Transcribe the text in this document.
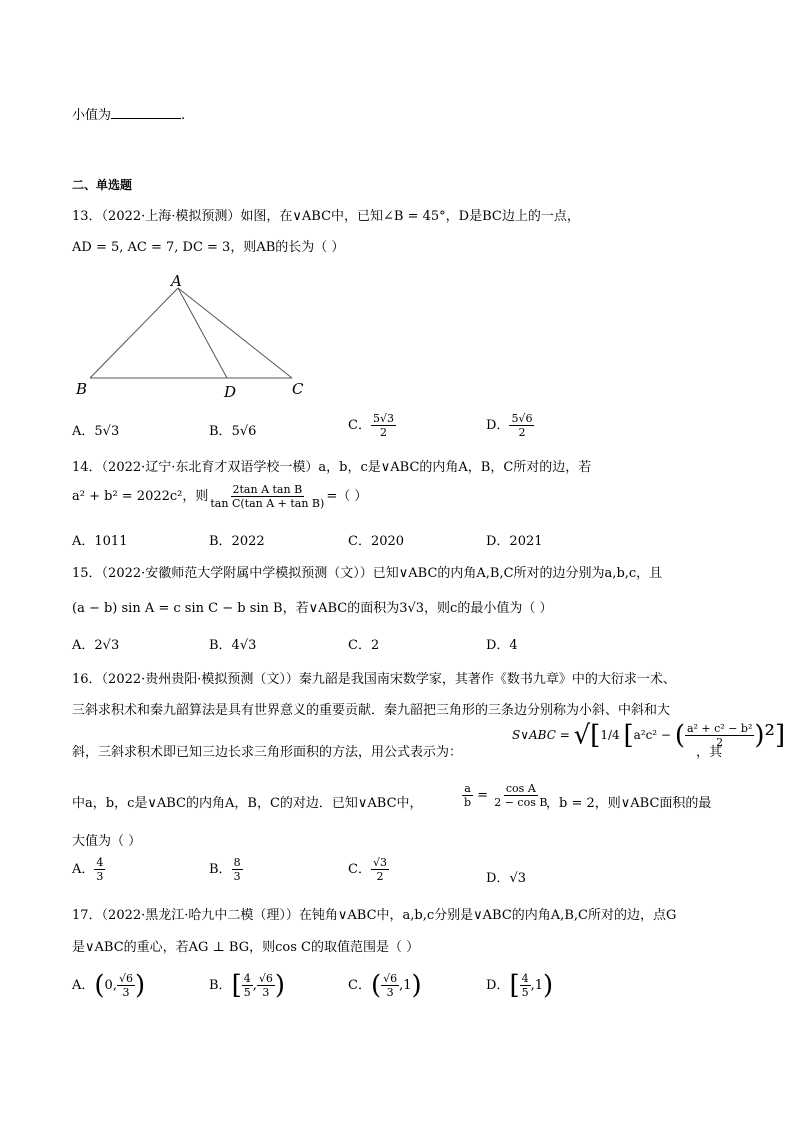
小值为	.
二、单选题
13．（2022·上海·模拟预测）如图，在∨ABC中，已知∠B = 45°，D是BC边上的一点，
AD = 5, AC = 7, DC = 3，则AB的长为（ ）
A
B	C
D
A．5√3	B．5√6	C． $\frac{5√3}{2}$	D． $\frac{5√6}{2}$
14．（2022·辽宁·东北育才双语学校一模）a，b，c是∨ABC的内角A，B，C所对的边，若
a² + b² = 2022c²，则 $\frac{\text{2tan A tan B}}{\text{tan C(tan A + tan B)}}$ =（ ）
A．1011	B．2022	C．2020	D．2021
15．（2022·安徽师范大学附属中学模拟预测（文））已知∨ABC的内角A,B,C所对的边分别为a,b,c，且
(a − b) sin A = c sin C − b sin B，若∨ABC的面积为3√3，则c的最小值为（ ）
A．2√3	B．4√3	C．2	D．4
16．（2022·贵州贵阳·模拟预测（文））秦九韶是我国南宋数学家，其著作《数书九章》中的大衍求一术、
三斜求积术和秦九韶算法是具有世界意义的重要贡献．秦九韶把三角形的三条边分别称为小斜、中斜和大
斜，三斜求积术即已知三边长求三角形面积的方法，用公式表示为：
S∨ABC = √[1/4 [a²c² − ( $\frac{\text{a² + c² − b²}}{2} )^2$]
，其
中a，b，c是∨ABC的内角A，B，C的对边．已知∨ABC中，	$\frac{a}{b} = \frac{\text{cos A}}{\text{2 − cos B}}$
，b = 2，则∨ABC面积的最
大值为（ ）
A． $\frac{4}{3}$	B． $\frac{8}{3}$	C． $\frac{√3}{2}$	D．√3
17．（2022·黑龙江·哈九中二模（理））在钝角∨ABC中，a,b,c分别是∨ABC的内角A,B,C所对的边，点G
是∨ABC的重心，若AG ⊥ BG，则cos C的取值范围是（ ）
A．(0, $\frac{√6}{3}$ )	B．[ $\frac{4}{5}$ , $\frac{√6}{3}$ )	C．( $\frac{√6}{3} ,1$)	D．[ $\frac{4}{5} ,1$)
